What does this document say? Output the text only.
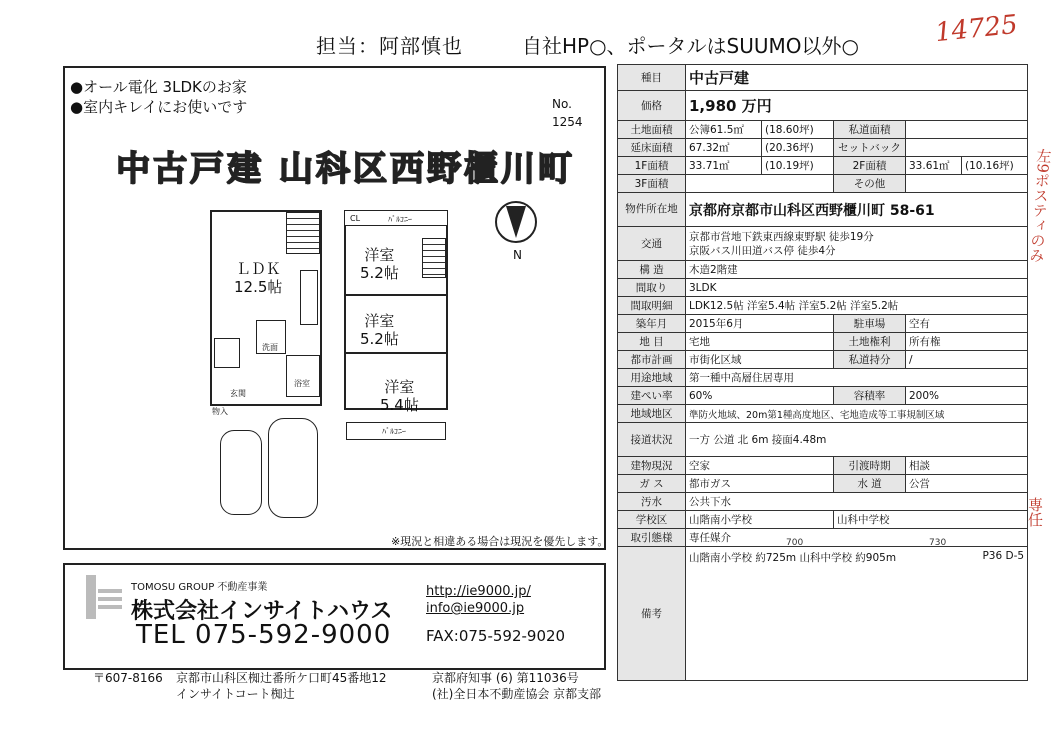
担当：阿部慎也	自社HP○、ポータルはSUUMO以外○	14725
●オール電化 3LDKのお家
●室内キレイにお使いです	No.
1254
中古戸建 山科区西野櫃川町
ＬＤＫ
12.5帖
洗面
浴室
玄関
物入
ﾊﾞﾙｺﾆｰ
CL
洋室
5.2帖
洋室
5.2帖
洋室
5.4帖
ﾊﾞﾙｺﾆｰ
N
※現況と相違ある場合は現況を優先します。
TOMOSU GROUP 不動産事業
株式会社インサイトハウス
TEL 075-592-9000
http://ie9000.jp/
info@ie9000.jp
FAX:075-592-9020
〒607-8166 京都市山科区椥辻番所ケ口町45番地12
インサイトコート椥辻
京都府知事 (6) 第11036号
(社)全日本不動産協会 京都支部
種目	中古戸建				
価格	1,980 万円				
土地面積	公簿61.5㎡	(18.60坪)	私道面積		
延床面積	67.32㎡	(20.36坪)	セットバック		
1F面積	33.71㎡	(10.19坪)	2F面積	33.61㎡	(10.16坪)
3F面積			その他		
物件所在地	京都府京都市山科区西野櫃川町 58-61				
交通	京都市営地下鉄東西線東野駅 徒歩19分
京阪バス川田道バス停 徒歩4分				

構 造	木造2階建				
間取り	3LDK				
間取明細	LDK12.5帖 洋室5.4帖 洋室5.2帖 洋室5.2帖				
築年月	2015年6月		駐車場	空有	
地 目	宅地		土地権利	所有権	
都市計画	市街化区域		私道持分	/	
用途地域	第一種中高層住居専用				
建ぺい率	60%		容積率	200%	
地域地区	準防火地域、20m第1種高度地区、宅地造成等工事規制区域				
接道状況	一方 公道 北 6m 接面4.48m				
建物現況	空家		引渡時期	相談	
ガ ス	都市ガス		水 道	公営	
汚水	公共下水				
学校区	山階南小学校		山科中学校		
取引態様	専任媒介				
備考	山階南小学校 約725m 山科中学校 約905m P36 D-5				
700	730
左9ポスティのみ
専任
